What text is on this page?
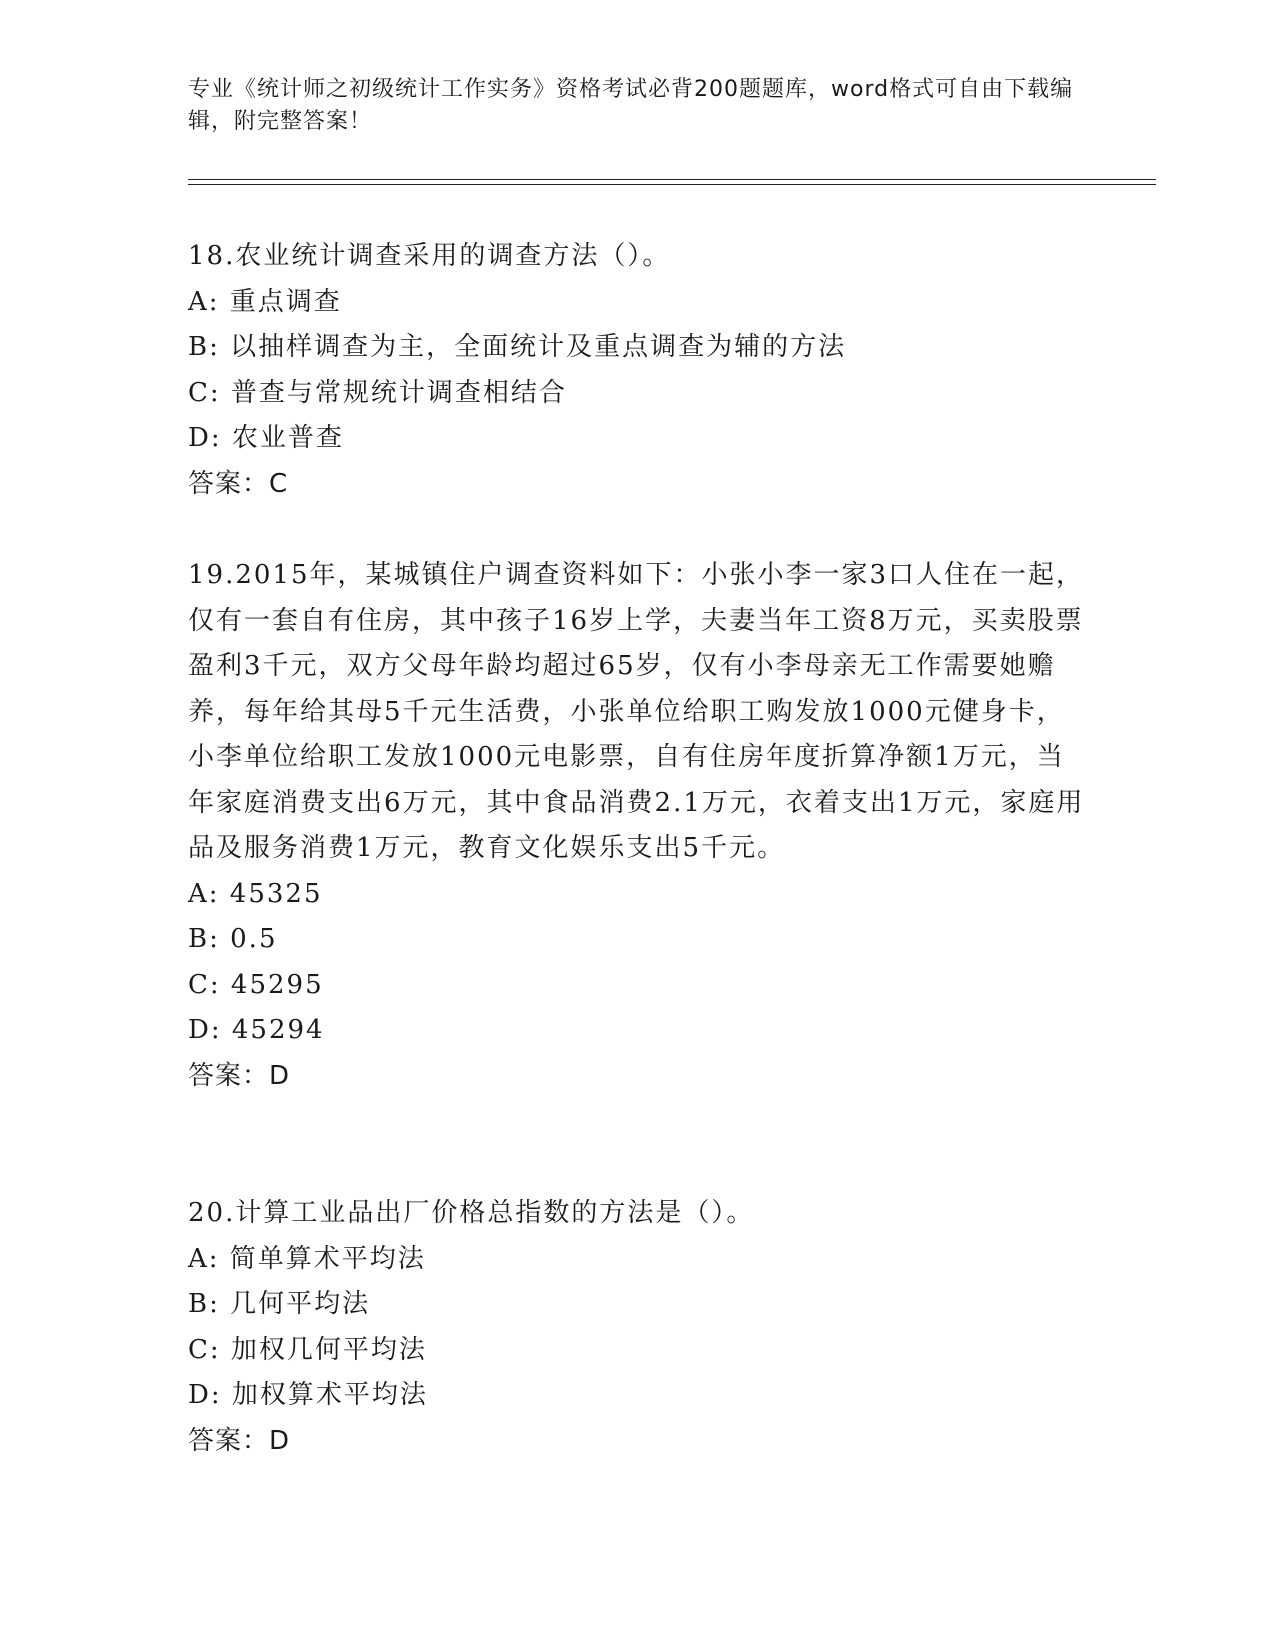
专业《统计师之初级统计工作实务》资格考试必背200题题库，word格式可自由下载编辑，附完整答案！

18.农业统计调查采用的调查方法（）。

A: 重点调查

B: 以抽样调查为主，全面统计及重点调查为辅的方法

C: 普查与常规统计调查相结合

D: 农业普查

答案：C

19.2015年，某城镇住户调查资料如下：小张小李一家3口人住在一起，仅有一套自有住房，其中孩子16岁上学，夫妻当年工资8万元，买卖股票盈利3千元，双方父母年龄均超过65岁，仅有小李母亲无工作需要她赡养，每年给其母5千元生活费，小张单位给职工购发放1000元健身卡，小李单位给职工发放1000元电影票，自有住房年度折算净额1万元，当年家庭消费支出6万元，其中食品消费2.1万元，衣着支出1万元，家庭用品及服务消费1万元，教育文化娱乐支出5千元。

A: 45325

B: 0.5

C: 45295

D: 45294

答案：D

20.计算工业品出厂价格总指数的方法是（）。

A: 简单算术平均法

B: 几何平均法

C: 加权几何平均法

D: 加权算术平均法

答案：D
